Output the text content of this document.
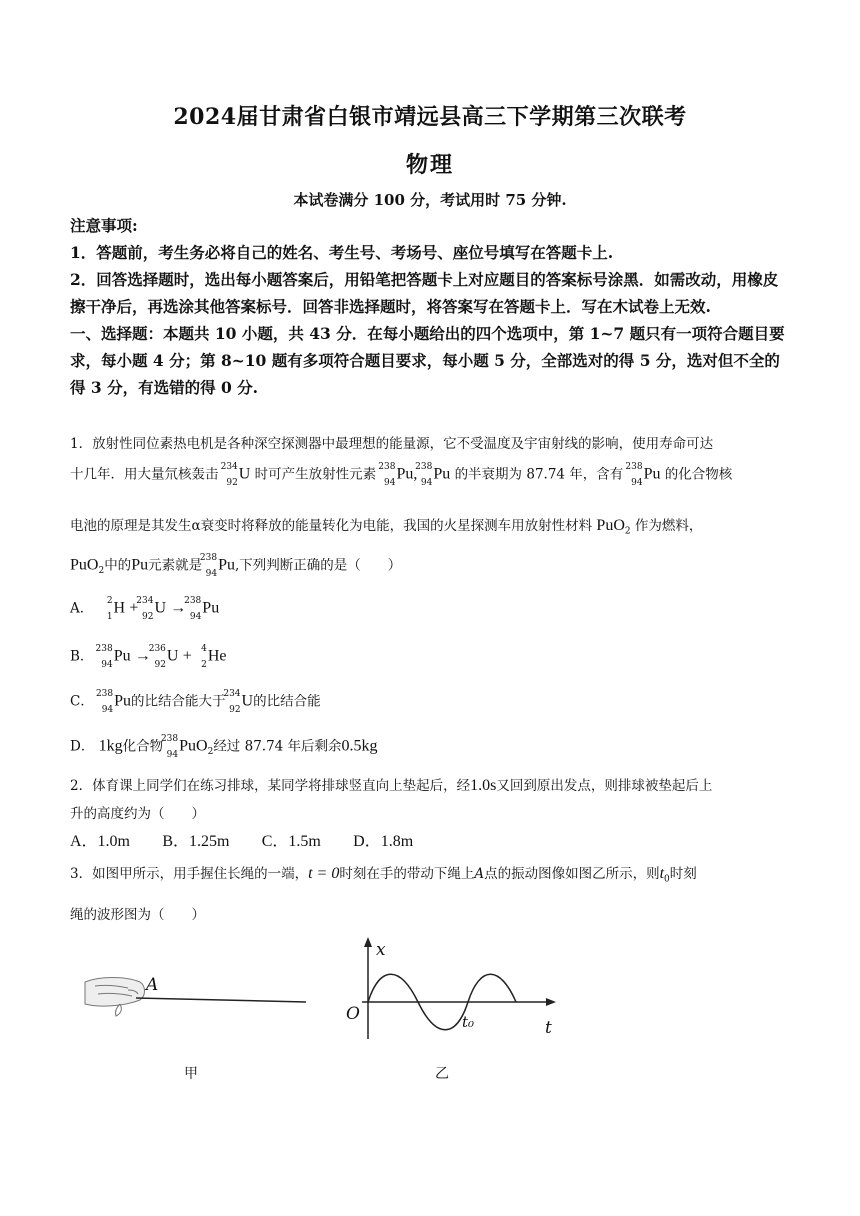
2024届甘肃省白银市靖远县高三下学期第三次联考
物理
本试卷满分 100 分，考试用时 75 分钟.
注意事项:
1．答题前，考生务必将自己的姓名、考生号、考场号、座位号填写在答题卡上.
2．回答选择题时，选出每小题答案后，用铅笔把答题卡上对应题目的答案标号涂黑．如需改动，用橡皮擦干净后，再选涂其他答案标号．回答非选择题时，将答案写在答题卡上．写在木试卷上无效.
一、选择题：本题共 10 小题，共 43 分．在每小题给出的四个选项中，第 1~7 题只有一项符合题目要求，每小题 4 分；第 8~10 题有多项符合题目要求，每小题 5 分，全部选对的得 5 分，选对但不全的得 3 分，有选错的得 0 分.
1．放射性同位素热电机是各种深空探测器中最理想的能量源，它不受温度及宇宙射线的影响，使用寿命可达
十几年．用大量氘核轰击 234
92
U 时可产生放射性元素 238
94
Pu,
238
94
Pu 的半衰期为 87.74 年，含有 238
94
Pu 的化合物核
电池的原理是其发生α衰变时将释放的能量转化为电能，我国的火星探测车用放射性材料 PuO$_2$ 作为燃料，
PuO$_2$中的Pu元素就是
238
94
Pu,下列判断正确的是（　　）
A． 2
1
H +
234
92
U →
238
94
Pu
B． 238
94
Pu →
236
92
U + 4
2
He
C． 238
94
Pu的比结合能大于
234
92
U的比结合能
D． 1kg化合物
238
94
PuO$_2$经过 87.74 年后剩余0.5kg
2．体育课上同学们在练习排球，某同学将排球竖直向上垫起后，经1.0s又回到原出发点，则排球被垫起后上
升的高度约为（　　）
A．1.0m B．1.25m C．1.5m D．1.8m
3．如图甲所示，用手握住长绳的一端，t = 0时刻在手的带动下绳上A点的振动图像如图乙所示，则$t_0$时刻
绳的波形图为（　　）
A
x
t
O	t₀
甲	乙
